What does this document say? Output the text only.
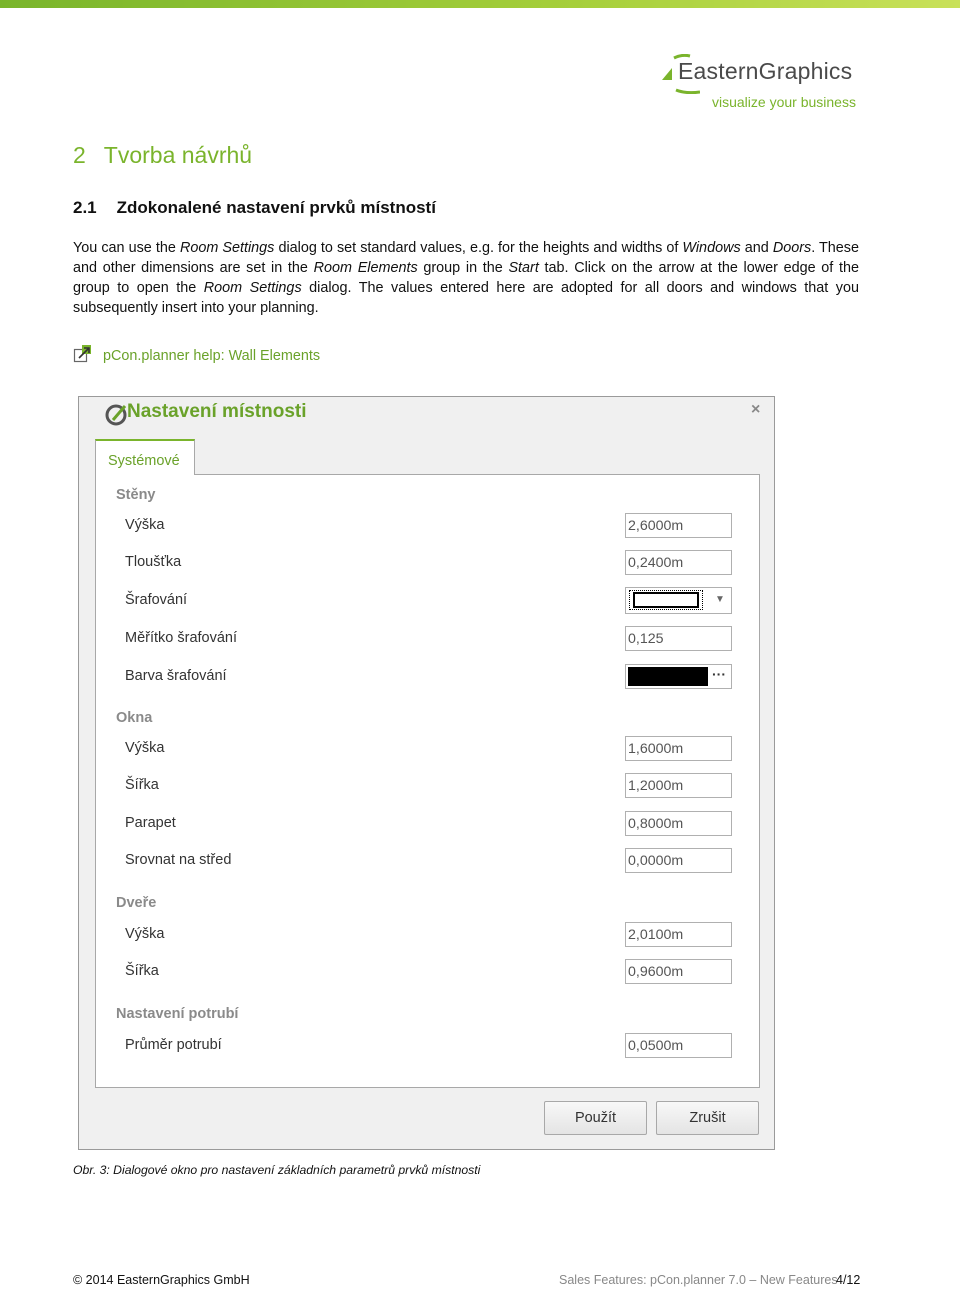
EasternGraphics
visualize your business
2 Tvorba návrhů
2.1 Zdokonalené nastavení prvků místností
You can use the Room Settings dialog to set standard values, e.g. for the heights and widths of Windows and Doors. These and other dimensions are set in the Room Elements group in the Start tab. Click on the arrow at the lower edge of the group to open the Room Settings dialog. The values entered here are adopted for all doors and windows that you subsequently insert into your planning.
pCon.planner help: Wall Elements
Nastavení místnosti	×
Systémové
Stěny
Výška	2,6000m
Tloušťka	0,2400m
Šrafování	▼
Měřítko šrafování	0,125
Barva šrafování	···
Okna
Výška	1,6000m
Šířka	1,2000m
Parapet	0,8000m
Srovnat na střed	0,0000m
Dveře
Výška	2,0100m
Šířka	0,9600m
Nastavení potrubí
Průměr potrubí	0,0500m
Použít	Zrušit
Obr. 3: Dialogové okno pro nastavení základních parametrů prvků místnosti
© 2014 EasternGraphics GmbH	Sales Features: pCon.planner 7.0 – New Features
4/12
